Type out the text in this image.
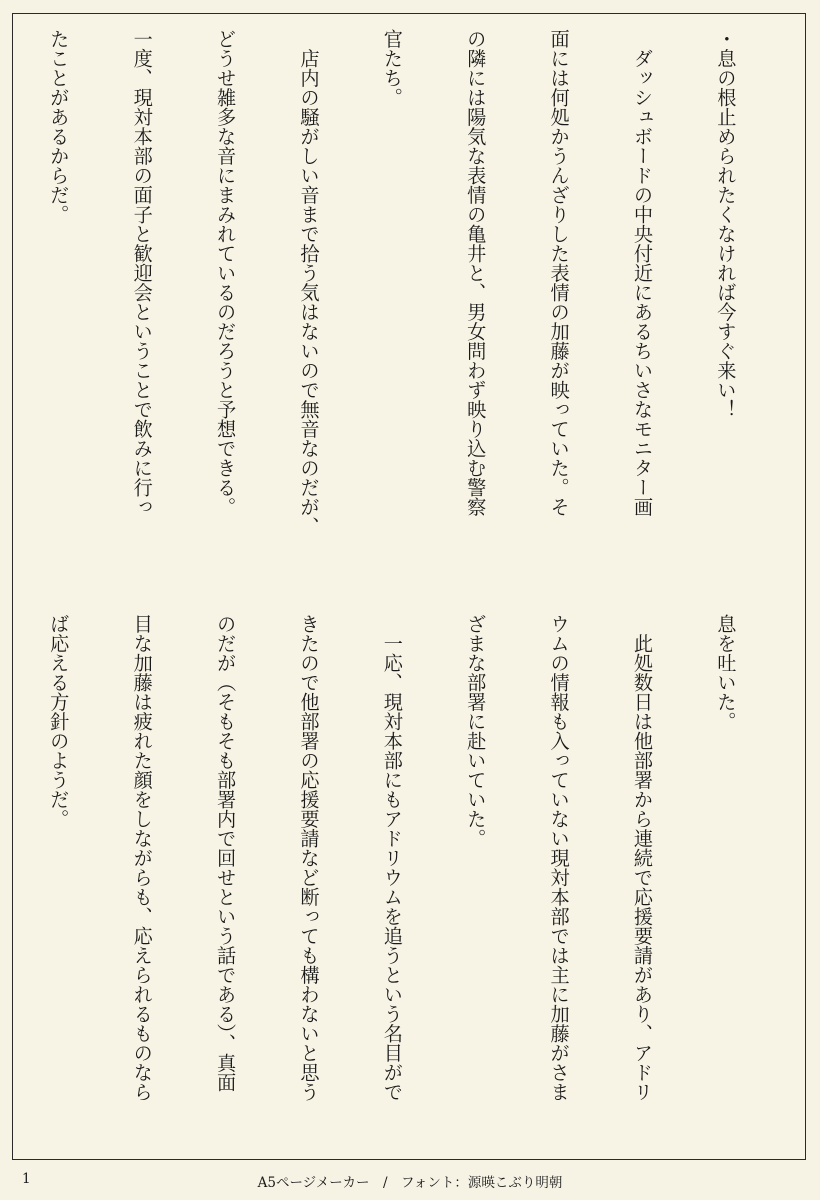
・息の根止められたくなければ今すぐ来い！

　ダッシュボードの中央付近にあるちいさなモニター画

面には何処かうんざりした表情の加藤が映っていた。そ

の隣には陽気な表情の亀井と、男女問わず映り込む警察

官たち。

　店内の騒がしい音まで拾う気はないので無音なのだが、

どうせ雑多な音にまみれているのだろうと予想できる。

一度、現対本部の面子と歓迎会ということで飲みに行っ

たことがあるからだ。

息を吐いた。

　此処数日は他部署から連続で応援要請があり、アドリ

ウムの情報も入っていない現対本部では主に加藤がさま

ざまな部署に赴いていた。

　一応、現対本部にもアドリウムを追うという名目がで

きたので他部署の応援要請など断っても構わないと思う

のだが（そもそも部署内で回せという話である）、真面

目な加藤は疲れた顔をしながらも、応えられるものなら

ば応える方針のようだ。

1	A5ページメーカー　/　フォント：源暎こぶり明朝
